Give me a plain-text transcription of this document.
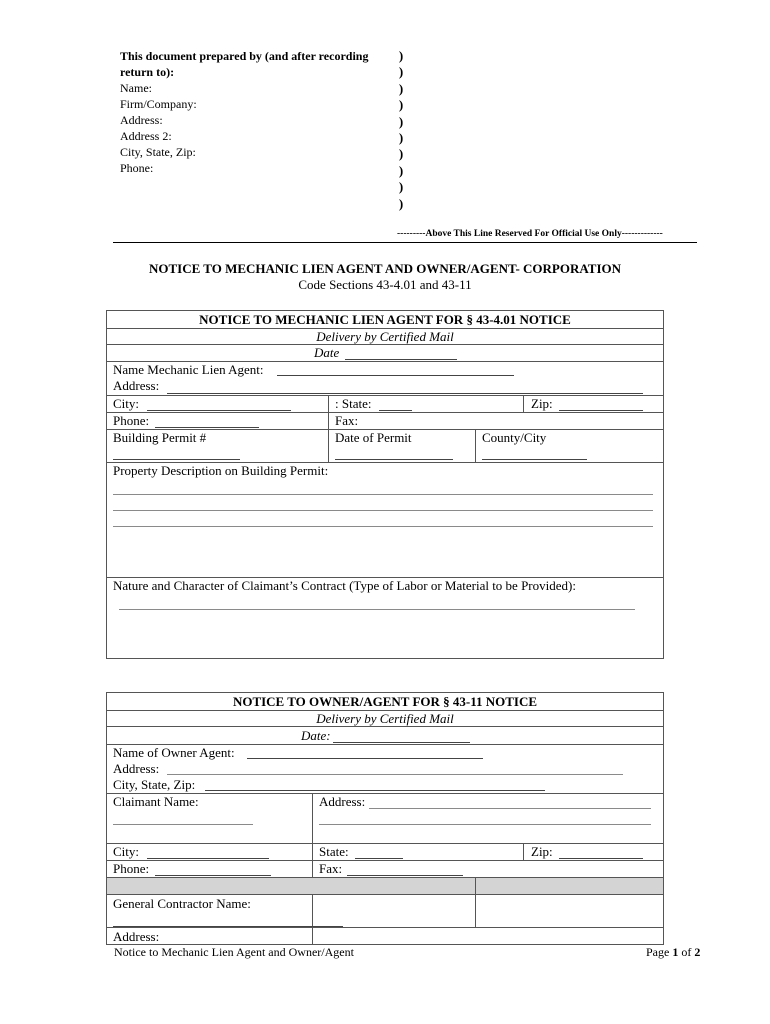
This document prepared by (and after recording
return to):
Name:
Firm/Company:
Address:
Address 2:
City, State, Zip:
Phone:
)
)
)
)
)
)
)
)
)
)
---------Above This Line Reserved For Official Use Only-------------
NOTICE TO MECHANIC LIEN AGENT AND OWNER/AGENT- CORPORATION
Code Sections 43-4.01 and 43-11
NOTICE TO MECHANIC LIEN AGENT FOR § 43-4.01 NOTICE
Delivery by Certified Mail
Date
Name Mechanic Lien Agent:
Address:
City:	: State:	Zip:
Phone:	Fax:
Building Permit #	Date of Permit	County/City
Property Description on Building Permit:
Nature and Character of Claimant’s Contract (Type of Labor or Material to be Provided):
NOTICE TO OWNER/AGENT FOR § 43-11 NOTICE
Delivery by Certified Mail
Date:
Name of Owner Agent:
Address:
City, State, Zip:
Claimant Name:	Address:
City:	State:	Zip:
Phone:	Fax:
General Contractor Name:
Address:
Notice to Mechanic Lien Agent and Owner/Agent	Page 1 of 2
